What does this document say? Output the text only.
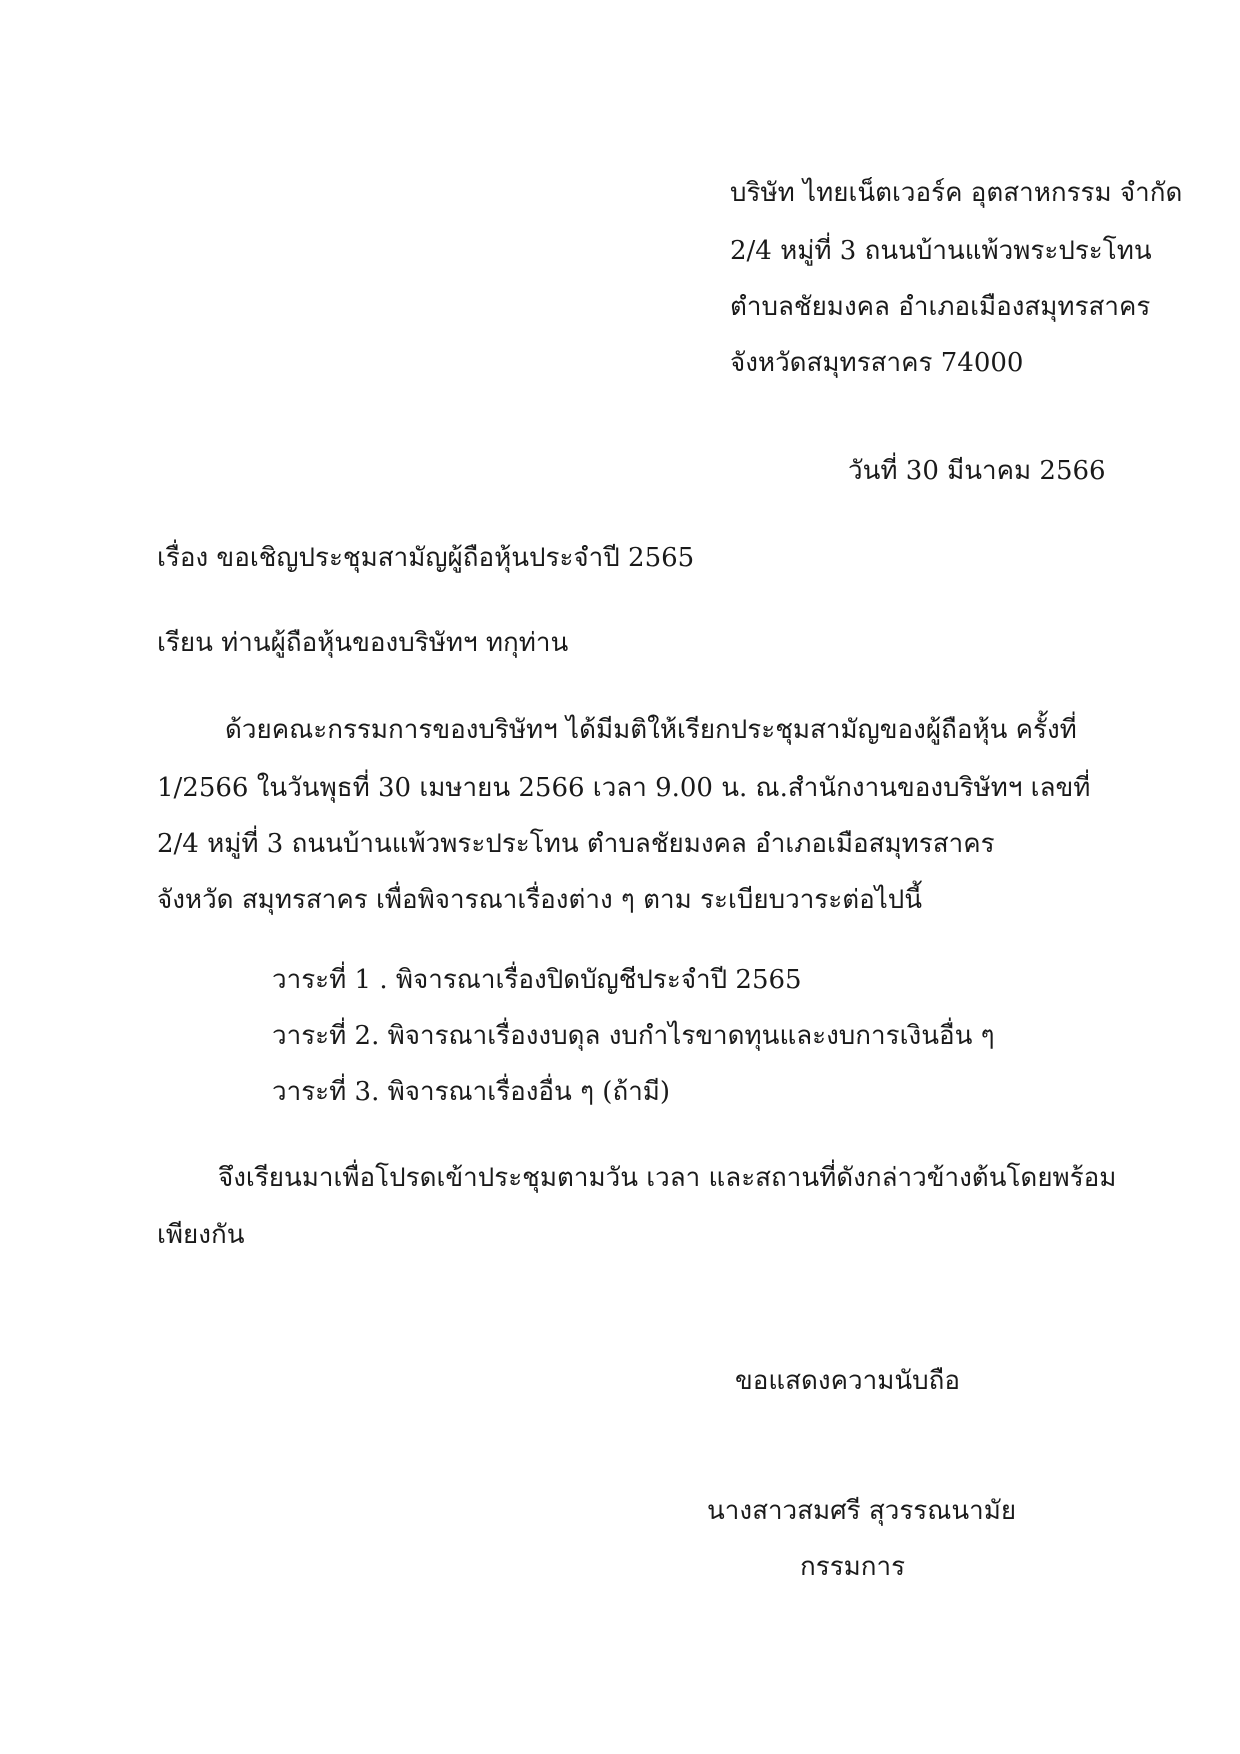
บริษัท ไทยเน็ตเวอร์ค อุตสาหกรรม จำกัด
2/4 หมู่ที่ 3 ถนนบ้านแพ้วพระประโทน
ตำบลชัยมงคล อำเภอเมืองสมุทรสาคร
จังหวัดสมุทรสาคร 74000
วันที่ 30 มีนาคม 2566
เรื่อง ขอเชิญประชุมสามัญผู้ถือหุ้นประจำปี 2565
เรียน ท่านผู้ถือหุ้นของบริษัทฯ ทกุท่าน
ด้วยคณะกรรมการของบริษัทฯ ได้มีมติให้เรียกประชุมสามัญของผู้ถือหุ้น ครั้งที่
1/2566 ในวันพุธที่ 30 เมษายน 2566 เวลา 9.00 น. ณ.สำนักงานของบริษัทฯ เลขที่
2/4 หมู่ที่ 3 ถนนบ้านแพ้วพระประโทน ตำบลชัยมงคล อำเภอเมือสมุทรสาคร
จังหวัด สมุทรสาคร เพื่อพิจารณาเรื่องต่าง ๆ ตาม ระเบียบวาระต่อไปนี้
วาระที่ 1 . พิจารณาเรื่องปิดบัญชีประจำปี 2565
วาระที่ 2. พิจารณาเรื่องงบดุล งบกำไรขาดทุนและงบการเงินอื่น ๆ
วาระที่ 3. พิจารณาเรื่องอื่น ๆ (ถ้ามี)
จึงเรียนมาเพื่อโปรดเข้าประชุมตามวัน เวลา และสถานที่ดังกล่าวข้างต้นโดยพร้อม
เพียงกัน
ขอแสดงความนับถือ
นางสาวสมศรี สุวรรณนามัย
กรรมการ
